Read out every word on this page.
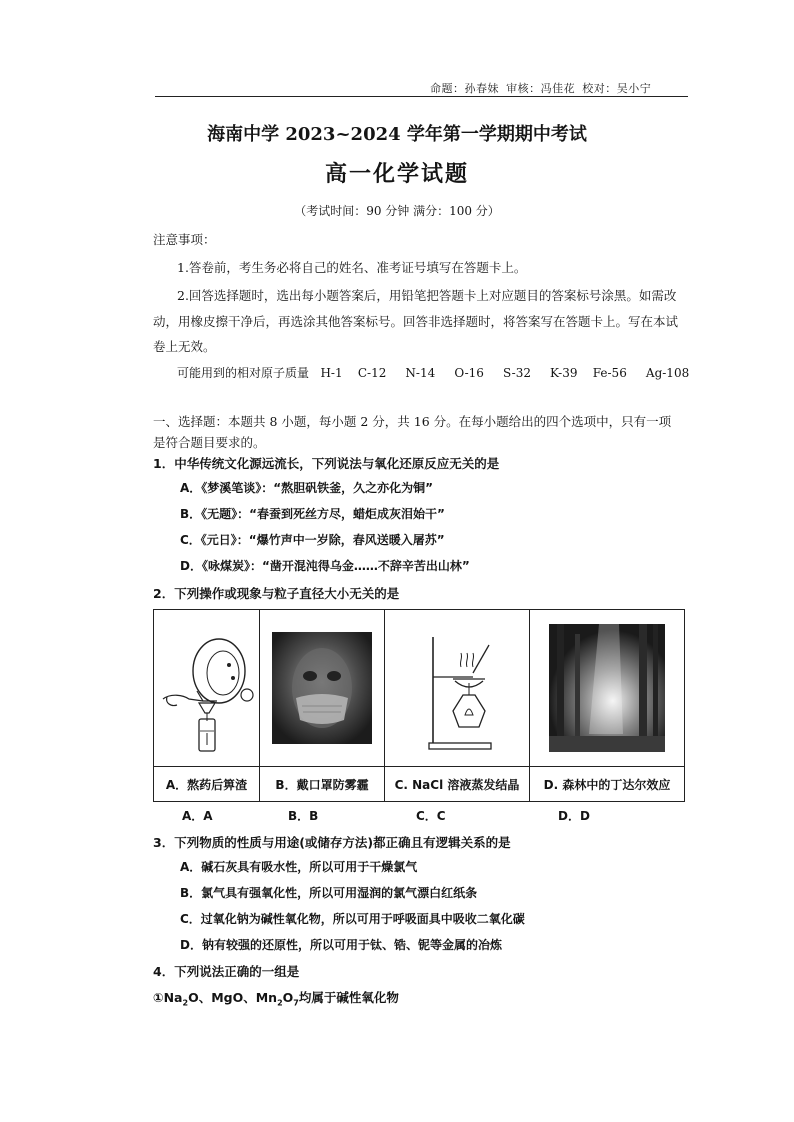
命题：孙春妹 审核：冯佳花 校对：吴小宁
海南中学 2023~2024 学年第一学期期中考试
高一化学试题
（考试时间：90 分钟 满分：100 分）
注意事项：
1.答卷前，考生务必将自己的姓名、准考证号填写在答题卡上。
2.回答选择题时，选出每小题答案后，用铅笔把答题卡上对应题目的答案标号涂黑。如需改
动，用橡皮擦干净后，再选涂其他答案标号。回答非选择题时，将答案写在答题卡上。写在本试
卷上无效。
可能用到的相对原子质量   H-1    C-12     N-14     O-16     S-32     K-39    Fe-56     Ag-108
一、选择题：本题共 8 小题，每小题 2 分，共 16 分。在每小题给出的四个选项中，只有一项
是符合题目要求的。
1．中华传统文化源远流长，下列说法与氧化还原反应无关的是
A．《梦溪笔谈》：“熬胆矾铁釜，久之亦化为铜”
B．《无题》：“春蚕到死丝方尽，蜡炬成灰泪始干”
C．《元日》：“爆竹声中一岁除，春风送暖入屠苏”
D．《咏煤炭》：“凿开混沌得乌金……不辞辛苦出山林”
2．下列操作或现象与粒子直径大小无关的是

A．熬药后箅渣	B．戴口罩防雾霾	C. NaCl 溶液蒸发结晶	D. 森林中的丁达尔效应
A．A	B．B	C．C	D．D
3．下列物质的性质与用途(或储存方法)都正确且有逻辑关系的是
A．碱石灰具有吸水性，所以可用于干燥氯气
B．氯气具有强氧化性，所以可用湿润的氯气漂白红纸条
C．过氧化钠为碱性氧化物，所以可用于呼吸面具中吸收二氧化碳
D．钠有较强的还原性，所以可用于钛、锆、铌等金属的冶炼
4．下列说法正确的一组是
$①Na_2O$、MgO、$Mn_2O_7$均属于碱性氧化物
